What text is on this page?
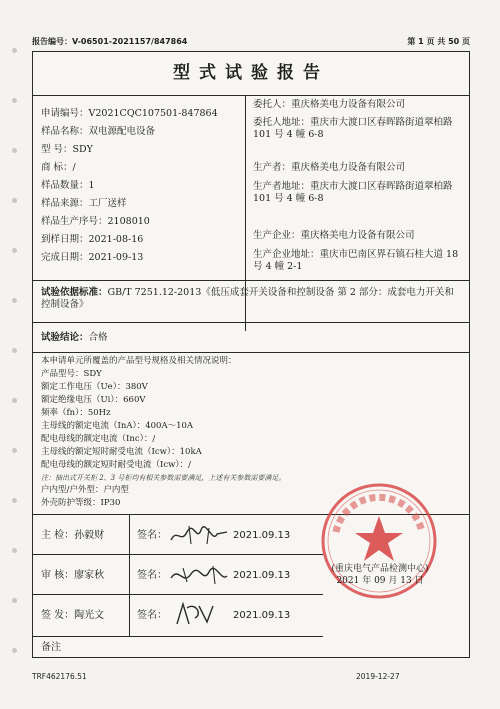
报告编号：V-06501-2021157/847864	第 1 页 共 50 页
型式试验报告
申请编号：V2021CQC107501-847864
样品名称：双电源配电设备
型 号：SDY
商 标：/
样品数量：1
样品来源：工厂送样
样品生产序号：2108010
到样日期：2021-08-16
完成日期：2021-09-13
委托人：重庆格美电力设备有限公司
委托人地址：重庆市大渡口区春晖路街道翠柏路 101 号 4 幢 6-8
生产者：重庆格美电力设备有限公司
生产者地址：重庆市大渡口区春晖路街道翠柏路 101 号 4 幢 6-8
生产企业：重庆格美电力设备有限公司
生产企业地址：重庆市巴南区界石镇石桂大道 18 号 4 幢 2-1
试验依据标准：GB/T 7251.12-2013《低压成套开关设备和控制设备 第 2 部分：成套电力开关和控制设备》
试验结论：合格
本申请单元所覆盖的产品型号规格及相关情况说明：
产品型号：SDY
额定工作电压（Ue）：380V
额定绝缘电压（Ui）：660V
频率（fn）：50Hz
主母线的额定电流（InA）：400A～10A
配电母线的额定电流（Inc）：/
主母线的额定短时耐受电流（Icw）：10kA
配电母线的额定短时耐受电流（Icw）：/
注：抽出式开关柜 2、3 号柜均有相关参数需要满足，上述有关参数需要满足。
户内型/户外型：户内型
外壳防护等级：IP30
主 检：孙毅财	签名：	2021.09.13
审 核：廖家秋	签名：	2021.09.13
签 发：陶光文	签名：	2021.09.13
备注
(重庆电气产品检测中心)
2021 年 09 月 13 日
TRF462176.51	2019-12-27
